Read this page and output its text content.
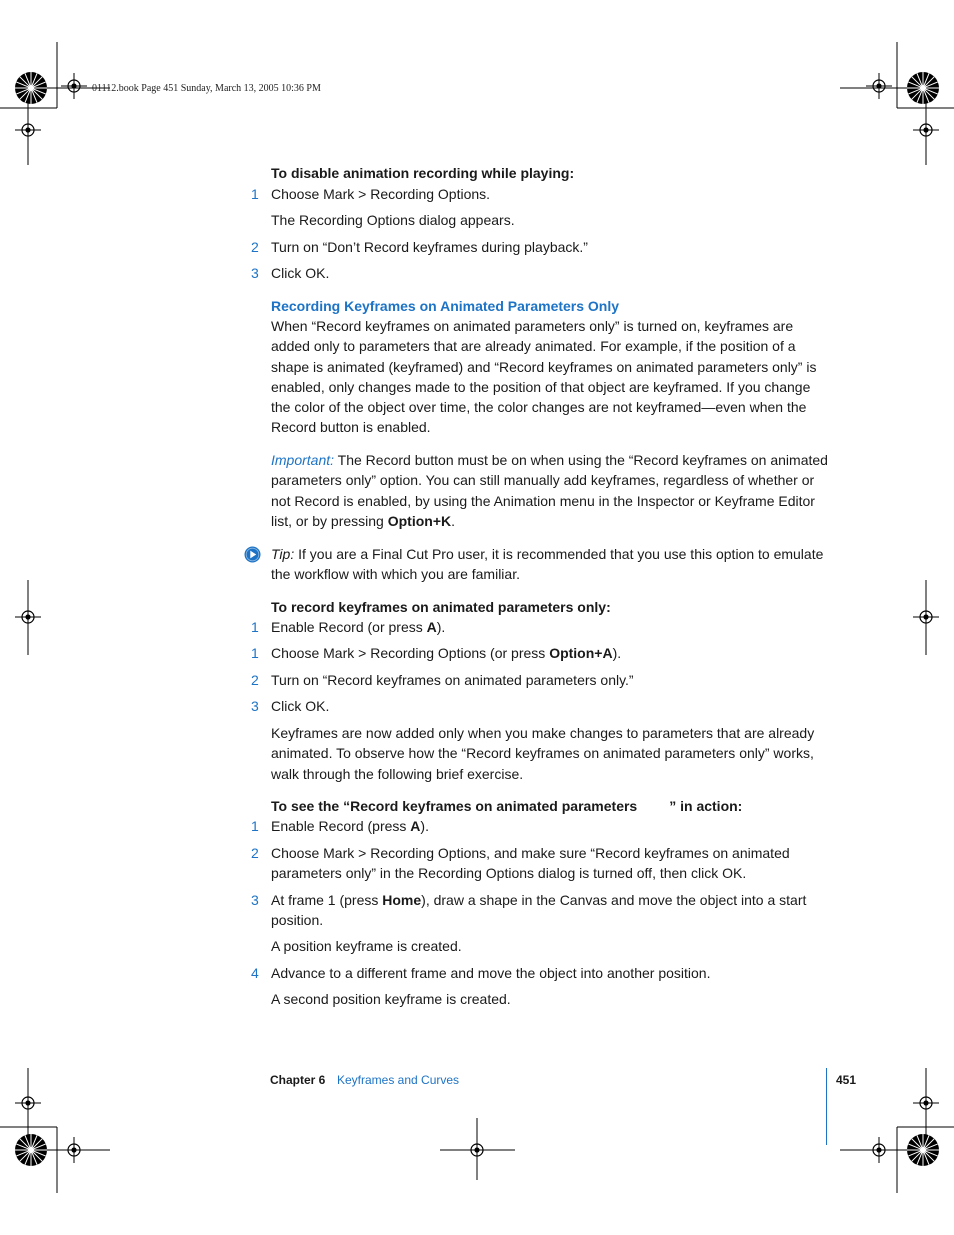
01112.book Page 451 Sunday, March 13, 2005 10:36 PM
To disable animation recording while playing:
1 Choose Mark > Recording Options.
The Recording Options dialog appears.
2 Turn on “Don’t Record keyframes during playback.”
3 Click OK.
Recording Keyframes on Animated Parameters Only
When “Record keyframes on animated parameters only” is turned on, keyframes are added only to parameters that are already animated. For example, if the position of a shape is animated (keyframed) and “Record keyframes on animated parameters only” is enabled, only changes made to the position of that object are keyframed. If you change the color of the object over time, the color changes are not keyframed—even when the Record button is enabled.
Important: The Record button must be on when using the “Record keyframes on animated parameters only” option. You can still manually add keyframes, regardless of whether or not Record is enabled, by using the Animation menu in the Inspector or Keyframe Editor list, or by pressing Option+K.
Tip: If you are a Final Cut Pro user, it is recommended that you use this option to emulate the workflow with which you are familiar.
To record keyframes on animated parameters only:
1 Enable Record (or press A).
1 Choose Mark > Recording Options (or press Option+A).
2 Turn on “Record keyframes on animated parameters only.”
3 Click OK.
Keyframes are now added only when you make changes to parameters that are already animated. To observe how the “Record keyframes on animated parameters only” works, walk through the following brief exercise.
To see the “Record keyframes on animated parameters ” in action:
1 Enable Record (press A).
2 Choose Mark > Recording Options, and make sure “Record keyframes on animated parameters only” in the Recording Options dialog is turned off, then click OK.
3 At frame 1 (press Home), draw a shape in the Canvas and move the object into a start position.
A position keyframe is created.
4 Advance to a different frame and move the object into another position.
A second position keyframe is created.
Chapter 6 Keyframes and Curves	451
